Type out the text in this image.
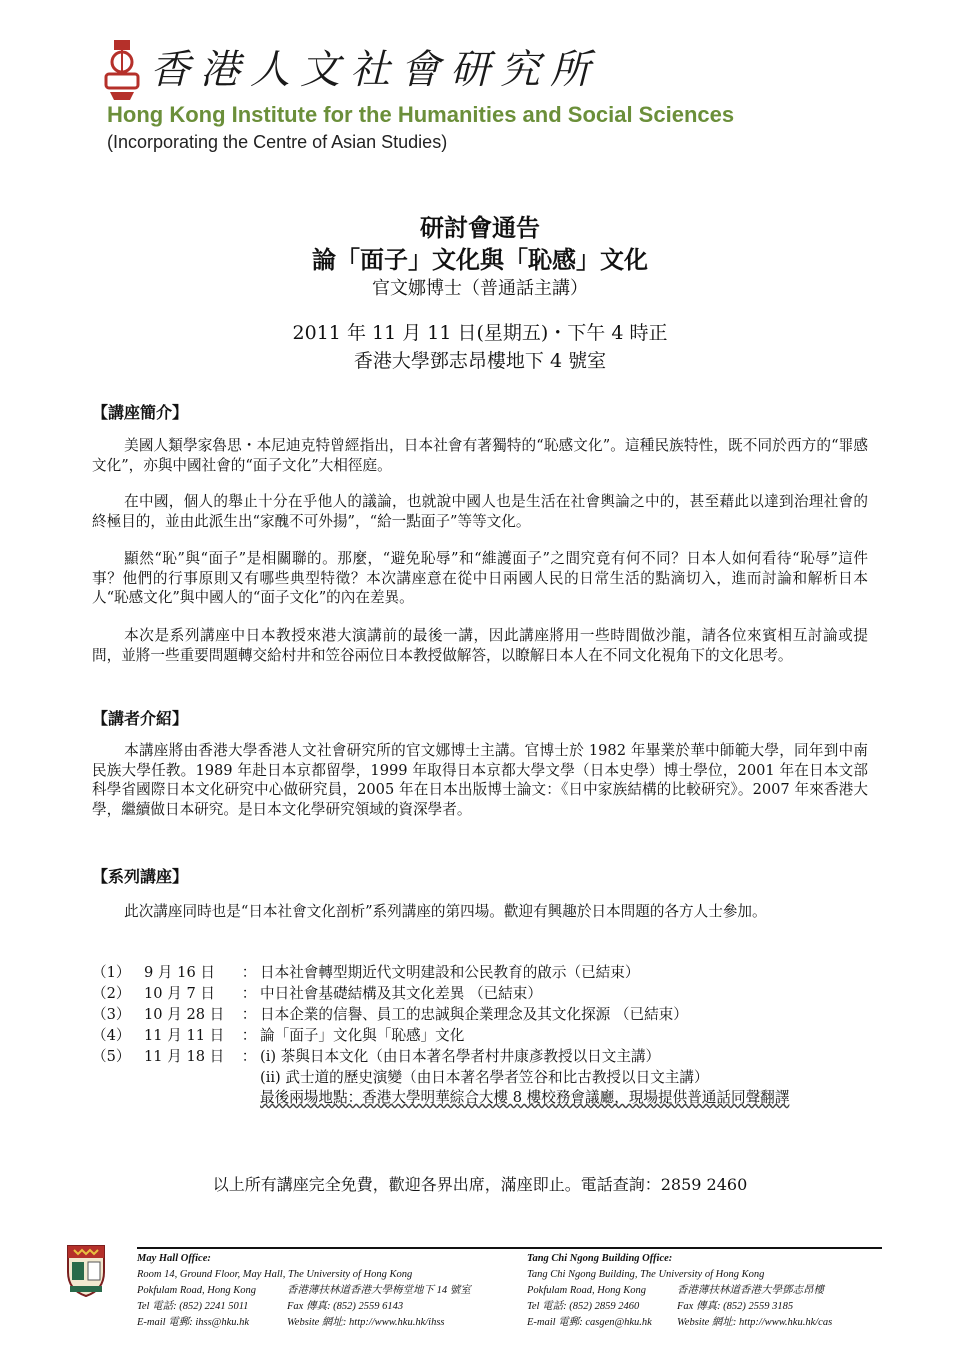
香港人文社會研究所
Hong Kong Institute for the Humanities and Social Sciences
(Incorporating the Centre of Asian Studies)
研討會通告
論「面子」文化與「恥感」文化
官文娜博士（普通話主講）
2011 年 11 月 11 日(星期五)・下午 4 時正
香港大學鄧志昂樓地下 4 號室
【講座簡介】
美國人類學家魯思・本尼迪克特曾經指出，日本社會有著獨特的“恥感文化”。這種民族特性，既不同於西方的“罪感文化”，亦與中國社會的“面子文化”大相徑庭。
在中國，個人的舉止十分在乎他人的議論，也就說中國人也是生活在社會輿論之中的，甚至藉此以達到治理社會的終極目的，並由此派生出“家醜不可外揚”，“給一點面子”等等文化。
顯然“恥”與“面子”是相關聯的。那麼，“避免恥辱”和“維護面子”之間究竟有何不同？日本人如何看待“恥辱”這件事？他們的行事原則又有哪些典型特徵？本次講座意在從中日兩國人民的日常生活的點滴切入，進而討論和解析日本人“恥感文化”與中國人的“面子文化”的內在差異。
本次是系列講座中日本教授來港大演講前的最後一講，因此講座將用一些時間做沙龍，請各位來賓相互討論或提問，並將一些重要問題轉交給村井和笠谷兩位日本教授做解答，以瞭解日本人在不同文化視角下的文化思考。
【講者介紹】
本講座將由香港大學香港人文社會研究所的官文娜博士主講。官博士於 1982 年畢業於華中師範大學，同年到中南民族大學任教。1989 年赴日本京都留學，1999 年取得日本京都大學文學（日本史學）博士學位，2001 年在日本文部科學省國際日本文化研究中心做研究員，2005 年在日本出版博士論文：《日中家族結構的比較研究》。2007 年來香港大學，繼續做日本研究。是日本文化學研究領域的資深學者。
【系列講座】
此次講座同時也是“日本社會文化剖析”系列講座的第四場。歡迎有興趣於日本問題的各方人士參加。
（1） 9 月 16 日	： 日本社會轉型期近代文明建設和公民教育的啟示（已結束）
（2） 10 月 7 日	： 中日社會基礎結構及其文化差異 （已結束）
（3） 10 月 28 日	： 日本企業的信譽、員工的忠誠與企業理念及其文化探源 （已結束）
（4） 11 月 11 日	： 論「面子」文化與「恥感」文化
（5） 11 月 18 日	： (i) 茶與日本文化（由日本著名學者村井康彥教授以日文主講）
(ii) 武士道的歷史演變（由日本著名學者笠谷和比古教授以日文主講）
最後兩場地點：香港大學明華綜合大樓 8 樓校務會議廳，現場提供普通話同聲翻譯
以上所有講座完全免費，歡迎各界出席，滿座即止。電話查詢：2859 2460
May Hall Office:
Room 14, Ground Floor, May Hall, The University of Hong Kong
Pokfulam Road, Hong Kong	香港薄扶林道香港大學梅堂地下 14 號室
Tel 電話: (852) 2241 5011	Fax 傳真: (852) 2559 6143
E-mail 電郵: ihss@hku.hk	Website 網址: http://www.hku.hk/ihss
Tang Chi Ngong Building Office:
Tang Chi Ngong Building, The University of Hong Kong
Pokfulam Road, Hong Kong	香港薄扶林道香港大學鄧志昂樓
Tel 電話: (852) 2859 2460	Fax 傳真: (852) 2559 3185
E-mail 電郵: casgen@hku.hk	Website 網址: http://www.hku.hk/cas
